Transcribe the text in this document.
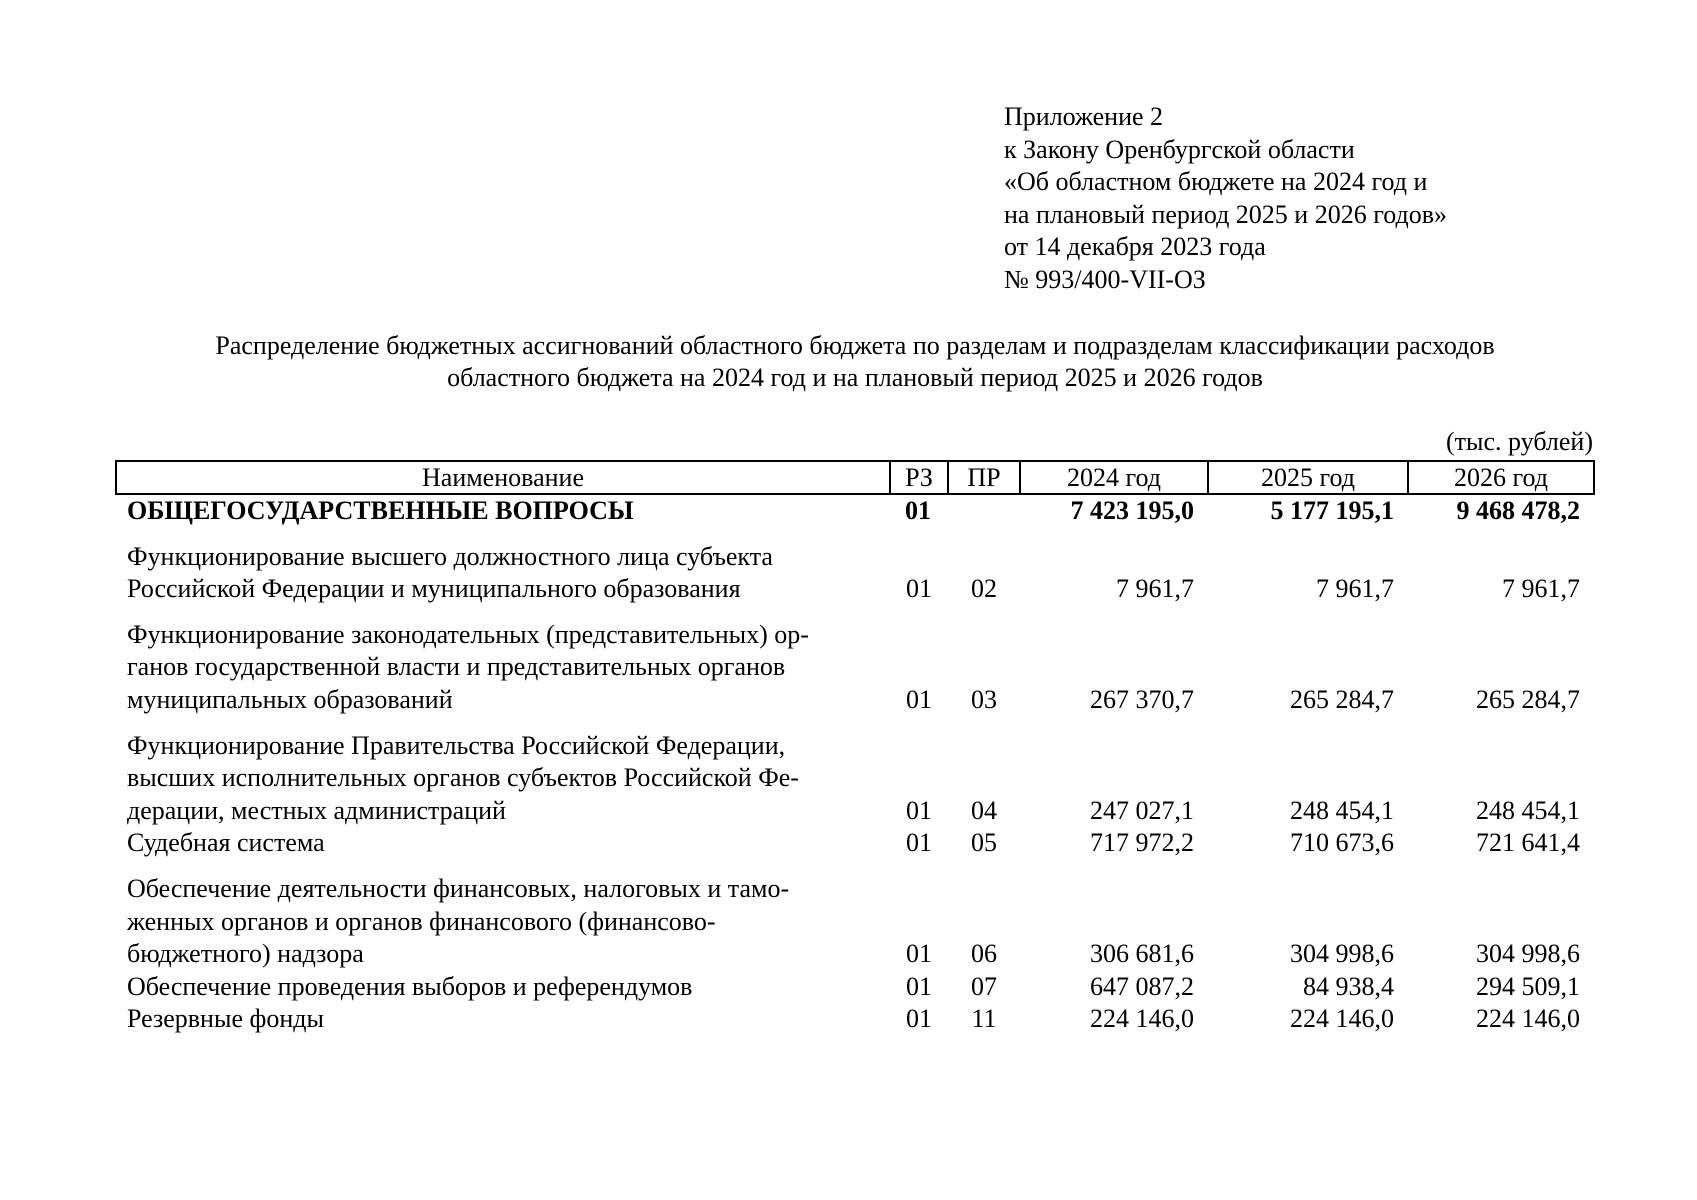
Приложение 2
к Закону Оренбургской области
«Об областном бюджете на 2024 год и
на плановый период 2025 и 2026 годов»
от 14 декабря 2023 года
№ 993/400-VII-ОЗ
Распределение бюджетных ассигнований областного бюджета по разделам и подразделам классификации расходов
областного бюджета на 2024 год и на плановый период 2025 и 2026 годов
(тыс. рублей)
Наименование	РЗ	ПР	2024 год	2025 год	2026 год

ОБЩЕГОСУДАРСТВЕННЫЕ ВОПРОСЫ	01		7 423 195,0	5 177 195,1	9 468 478,2

Функционирование высшего должностного лица субъекта
Российской Федерации и муниципального образования	01	02	7 961,7	7 961,7	7 961,7

Функционирование законодательных (представительных) ор-
ганов государственной власти и представительных органов
муниципальных образований	01	03	267 370,7	265 284,7	265 284,7

Функционирование Правительства Российской Федерации,
высших исполнительных органов субъектов Российской Фе-
дерации, местных администраций	01	04	247 027,1	248 454,1	248 454,1

Судебная система	01	05	717 972,2	710 673,6	721 641,4

Обеспечение деятельности финансовых, налоговых и тамо-
женных органов и органов финансового (финансово-
бюджетного) надзора	01	06	306 681,6	304 998,6	304 998,6

Обеспечение проведения выборов и референдумов	01	07	647 087,2	84 938,4	294 509,1

Резервные фонды	01	11	224 146,0	224 146,0	224 146,0
